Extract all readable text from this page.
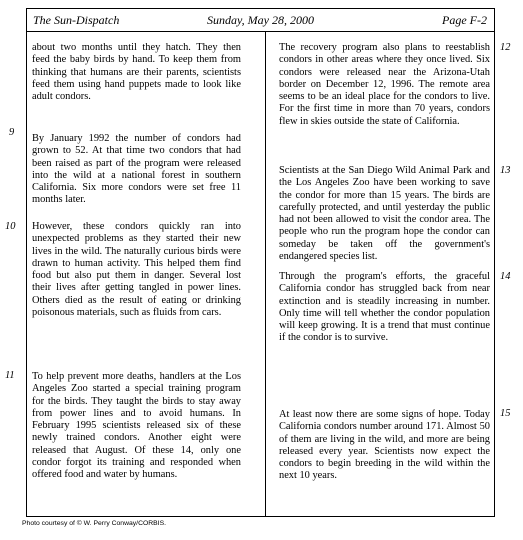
The Sun-Dispatch	Sunday, May 28, 2000	Page F-2

about two months until they hatch. They then feed the baby birds by hand. To keep them from thinking that humans are their parents, scientists feed them using hand puppets made to look like adult condors.

By January 1992 the number of condors had grown to 52. At that time two condors that had been raised as part of the program were released into the wild at a national forest in southern California. Six more condors were set free 11 months later.

However, these condors quickly ran into unexpected problems as they started their new lives in the wild. The naturally curious birds were drawn to human activity. This helped them find food but also put them in danger. Several lost their lives after getting tangled in power lines. Others died as the result of eating or drinking poisonous materials, such as fluids from cars.

To help prevent more deaths, handlers at the Los Angeles Zoo started a special training program for the birds. They taught the birds to stay away from power lines and to avoid humans. In February 1995 scientists released six of these newly trained condors. Another eight were released that August. Of these 14, only one condor forgot its training and responded when offered food and water by humans.

The recovery program also plans to reestablish condors in other areas where they once lived. Six condors were released near the Arizona-Utah border on December 12, 1996. The remote area seems to be an ideal place for the condors to live. For the first time in more than 70 years, condors flew in skies outside the state of California.

Scientists at the San Diego Wild Animal Park and the Los Angeles Zoo have been working to save the condor for more than 15 years. The birds are carefully protected, and until yesterday the public had not been allowed to visit the condor area. The people who run the program hope the condor can someday be taken off the government's endangered species list.

Through the program's efforts, the graceful California condor has struggled back from near extinction and is steadily increasing in number. Only time will tell whether the condor population will keep growing. It is a trend that must continue if the condor is to survive.

At least now there are some signs of hope. Today California condors number around 171. Almost 50 of them are living in the wild, and more are being released every year. Scientists now expect the condors to begin breeding in the wild within the next 10 years.

9
10
11
12
13
14
15
Photo courtesy of © W. Perry Conway/CORBIS.
